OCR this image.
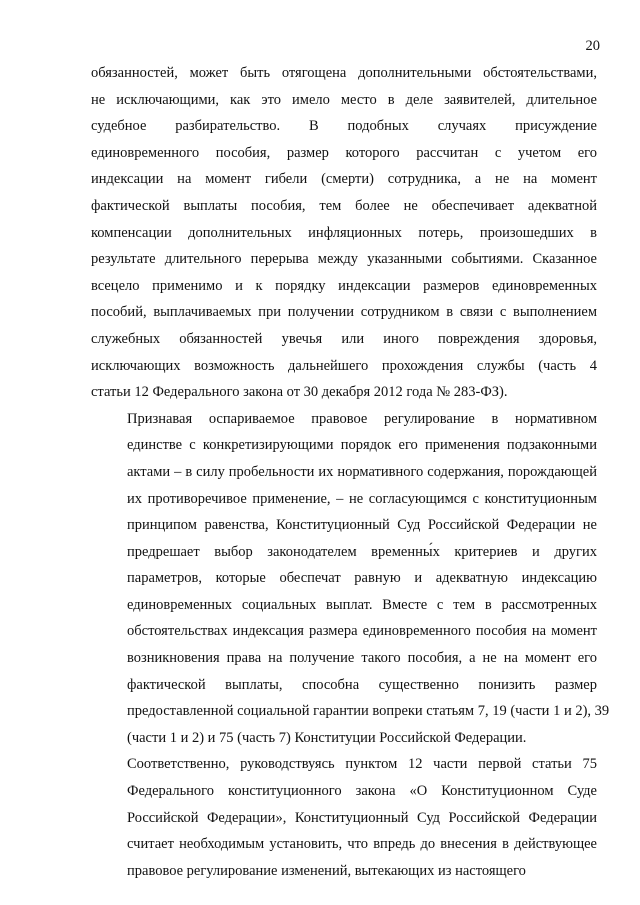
20

обязанностей, может быть отягощена дополнительными обстоятельствами,
не исключающими, как это имело место в деле заявителей, длительное
судебное разбирательство. В подобных случаях присуждение
единовременного пособия, размер которого рассчитан с учетом его
индексации на момент гибели (смерти) сотрудника, а не на момент
фактической выплаты пособия, тем более не обеспечивает адекватной
компенсации дополнительных инфляционных потерь, произошедших в
результате длительного перерыва между указанными событиями. Сказанное
всецело применимо и к порядку индексации размеров единовременных
пособий, выплачиваемых при получении сотрудником в связи с выполнением
служебных обязанностей увечья или иного повреждения здоровья,
исключающих возможность дальнейшего прохождения службы (часть 4
статьи 12 Федерального закона от 30 декабря 2012 года № 283-ФЗ).

Признавая оспариваемое правовое регулирование в нормативном
единстве с конкретизирующими порядок его применения подзаконными
актами – в силу пробельности их нормативного содержания, порождающей
их противоречивое применение, – не согласующимся с конституционным
принципом равенства, Конституционный Суд Российской Федерации не
предрешает выбор законодателем временны́х критериев и других
параметров, которые обеспечат равную и адекватную индексацию
единовременных социальных выплат. Вместе с тем в рассмотренных
обстоятельствах индексация размера единовременного пособия на момент
возникновения права на получение такого пособия, а не на момент его
фактической выплаты, способна существенно понизить размер
предоставленной социальной гарантии вопреки статьям 7, 19 (части 1 и 2), 39
(части 1 и 2) и 75 (часть 7) Конституции Российской Федерации.

Соответственно, руководствуясь пунктом 12 части первой статьи 75
Федерального конституционного закона «О Конституционном Суде
Российской Федерации», Конституционный Суд Российской Федерации
считает необходимым установить, что впредь до внесения в действующее
правовое регулирование изменений, вытекающих из настоящего
